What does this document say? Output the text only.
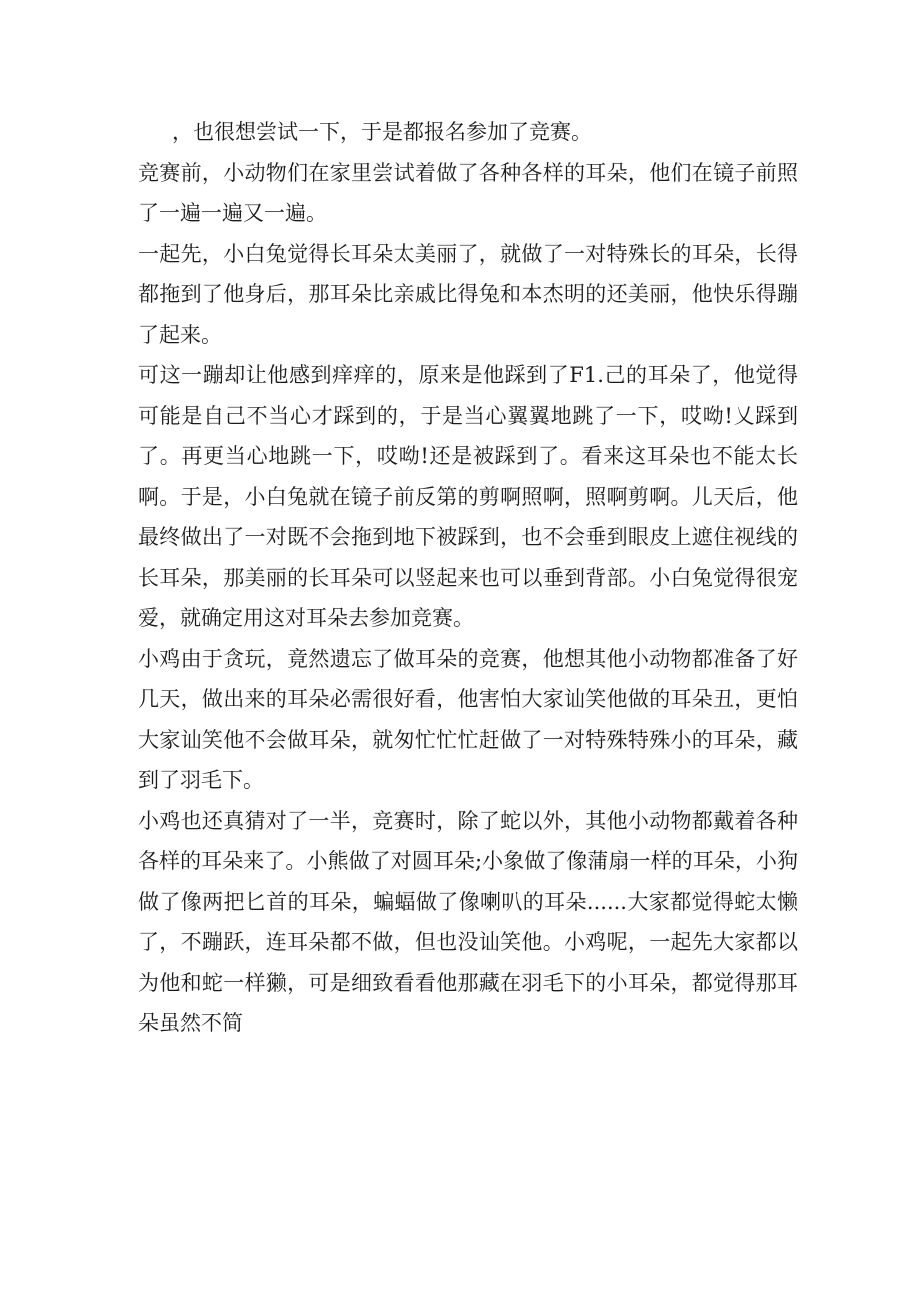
，也很想尝试一下，于是都报名参加了竞赛。

竞赛前，小动物们在家里尝试着做了各种各样的耳朵，他们在镜子前照了一遍一遍又一遍。

一起先，小白兔觉得长耳朵太美丽了，就做了一对特殊长的耳朵，长得都拖到了他身后，那耳朵比亲戚比得兔和本杰明的还美丽，他快乐得蹦了起来。

可这一蹦却让他感到痒痒的，原来是他踩到了F1.己的耳朵了，他觉得可能是自己不当心才踩到的，于是当心翼翼地跳了一下，哎呦!乂踩到了。再更当心地跳一下，哎呦!还是被踩到了。看来这耳朵也不能太长啊。于是，小白兔就在镜子前反第的剪啊照啊，照啊剪啊。儿天后，他最终做出了一对既不会拖到地下被踩到，也不会垂到眼皮上遮住视线的长耳朵，那美丽的长耳朵可以竖起来也可以垂到背部。小白兔觉得很宠爱，就确定用这对耳朵去参加竞赛。

小鸡由于贪玩，竟然遗忘了做耳朵的竞赛，他想其他小动物都准备了好几天，做出来的耳朵必需很好看，他害怕大家讪笑他做的耳朵丑，更怕大家讪笑他不会做耳朵，就匆忙忙忙赶做了一对特殊特殊小的耳朵，藏到了羽毛下。

小鸡也还真猜对了一半，竞赛时，除了蛇以外，其他小动物都戴着各种各样的耳朵来了。小熊做了对圆耳朵;小象做了像蒲扇一样的耳朵，小狗做了像两把匕首的耳朵，蝙蝠做了像喇叭的耳朵......大家都觉得蛇太懒了，不蹦跃，连耳朵都不做，但也没讪笑他。小鸡呢，一起先大家都以为他和蛇一样獭，可是细致看看他那藏在羽毛下的小耳朵，都觉得那耳朵虽然不简
